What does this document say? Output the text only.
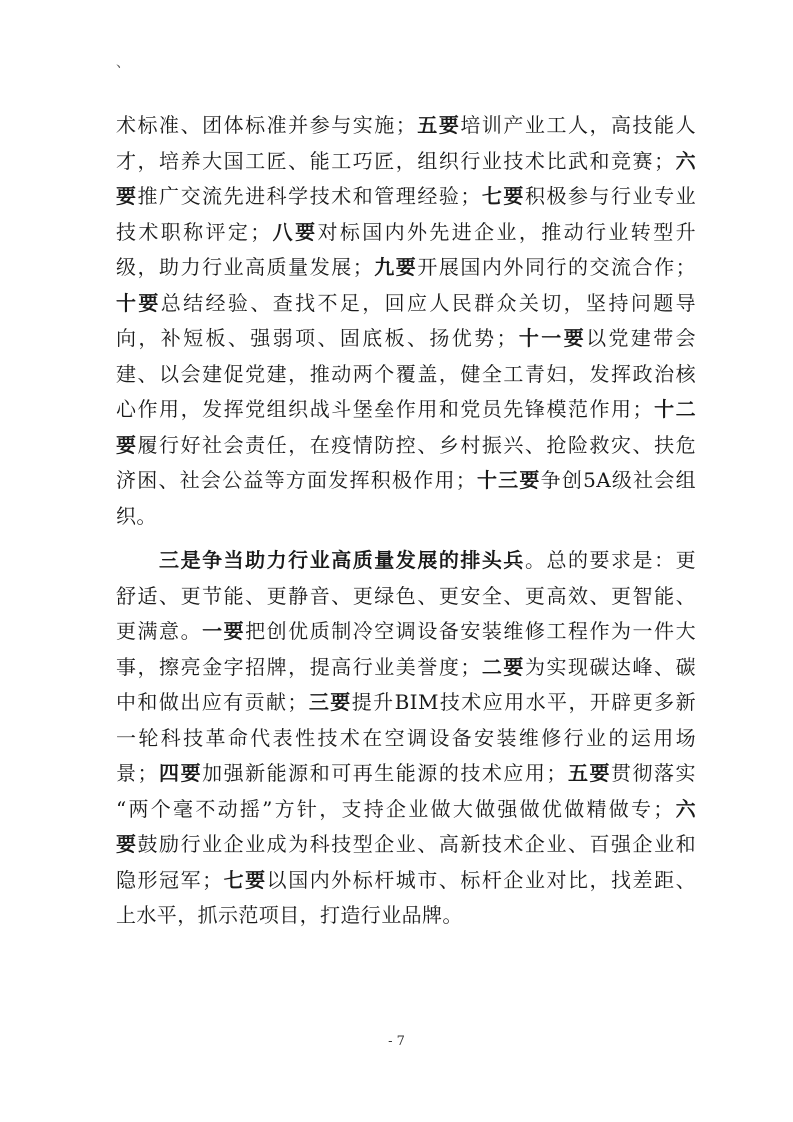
、
术标准、团体标准并参与实施；五要培训产业工人，高技能人
才，培养大国工匠、能工巧匠，组织行业技术比武和竞赛；六
要推广交流先进科学技术和管理经验；七要积极参与行业专业
技术职称评定；八要对标国内外先进企业，推动行业转型升
级，助力行业高质量发展；九要开展国内外同行的交流合作；
十要总结经验、查找不足，回应人民群众关切，坚持问题导
向，补短板、强弱项、固底板、扬优势；十一要以党建带会
建、以会建促党建，推动两个覆盖，健全工青妇，发挥政治核
心作用，发挥党组织战斗堡垒作用和党员先锋模范作用；十二
要履行好社会责任，在疫情防控、乡村振兴、抢险救灾、扶危
济困、社会公益等方面发挥积极作用；十三要争创5A级社会组
织。
　　三是争当助力行业高质量发展的排头兵。总的要求是：更
舒适、更节能、更静音、更绿色、更安全、更高效、更智能、
更满意。一要把创优质制冷空调设备安装维修工程作为一件大
事，擦亮金字招牌，提高行业美誉度；二要为实现碳达峰、碳
中和做出应有贡献；三要提升BIM技术应用水平，开辟更多新
一轮科技革命代表性技术在空调设备安装维修行业的运用场
景；四要加强新能源和可再生能源的技术应用；五要贯彻落实
“两个毫不动摇”方针，支持企业做大做强做优做精做专；六
要鼓励行业企业成为科技型企业、高新技术企业、百强企业和
隐形冠军；七要以国内外标杆城市、标杆企业对比，找差距、
上水平，抓示范项目，打造行业品牌。
- 7
